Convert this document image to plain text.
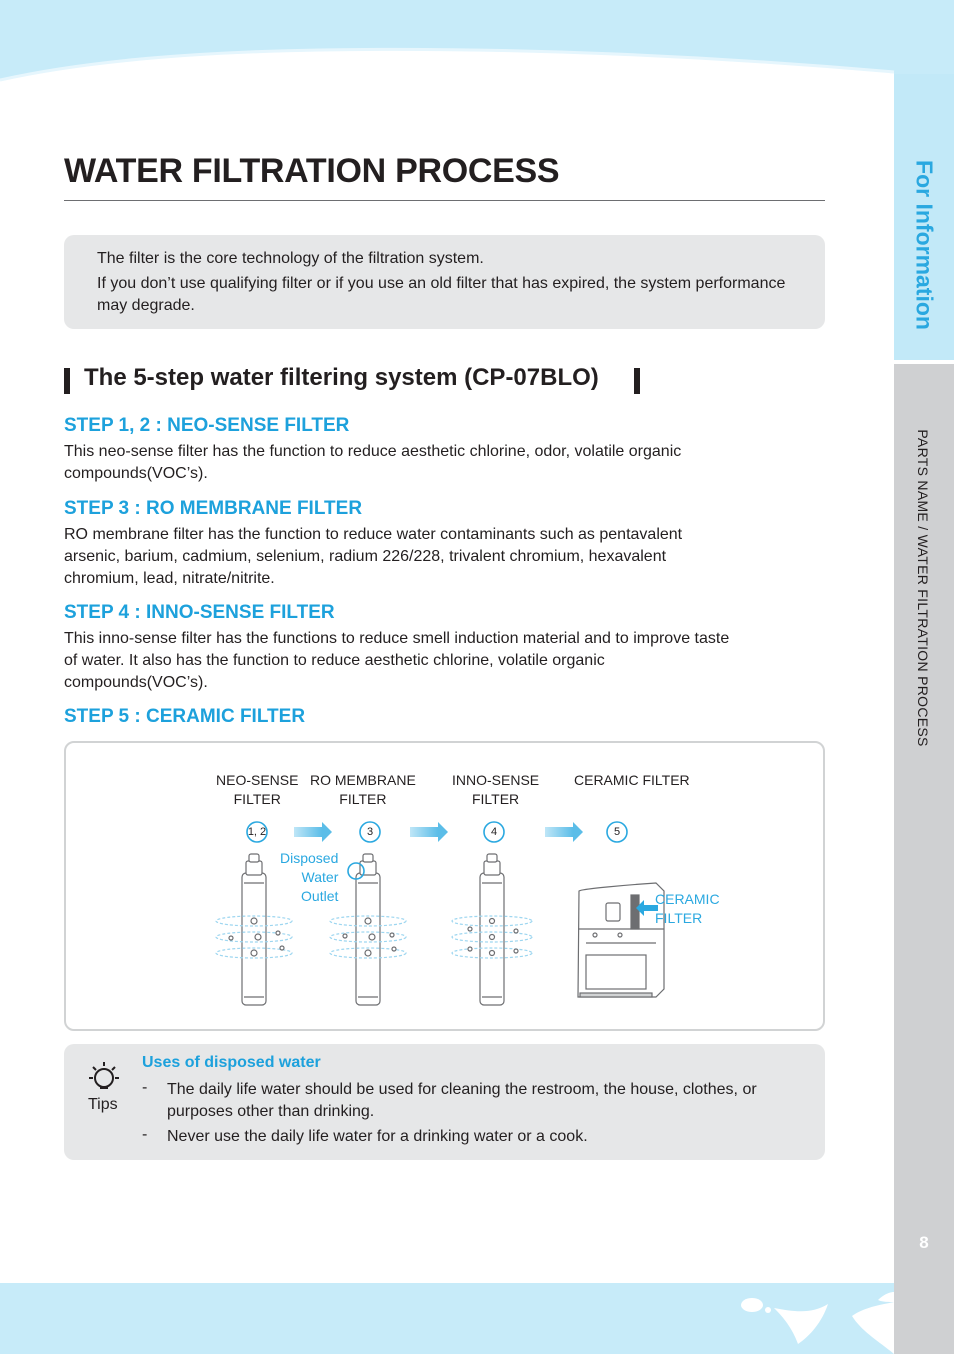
For Information
PARTS NAME / WATER FILTRATION PROCESS
8
WATER FILTRATION PROCESS

The filter is the core technology of the filtration system.

If you don’t use qualifying filter or if you use an old filter that has expired, the system performance may degrade.

The 5-step water filtering system (CP-07BLO)
STEP 1, 2 : NEO-SENSE FILTER

This neo-sense filter has the function to reduce aesthetic chlorine, odor, volatile organic compounds(VOC’s).

STEP 3 : RO MEMBRANE FILTER

RO membrane filter has the function to reduce water contaminants such as pentavalent arsenic, barium, cadmium, selenium, radium 226/228, trivalent chromium, hexavalent chromium, lead, nitrate/nitrite.

STEP 4 : INNO-SENSE FILTER

This inno-sense filter has the functions to reduce smell induction material and to improve taste of water. It also has the function to reduce aesthetic chlorine, volatile organic compounds(VOC’s).

STEP 5 : CERAMIC FILTER
NEO-SENSE
FILTER
RO MEMBRANE
FILTER
INNO-SENSE
FILTER
CERAMIC FILTER
1, 2	3	4	5
Disposed
Water
Outlet	CERAMIC
FILTER
Tips
Uses of disposed water
- The daily life water should be used for cleaning the restroom, the house, clothes, or purposes other than drinking.
- Never use the daily life water for a drinking water or a cook.
